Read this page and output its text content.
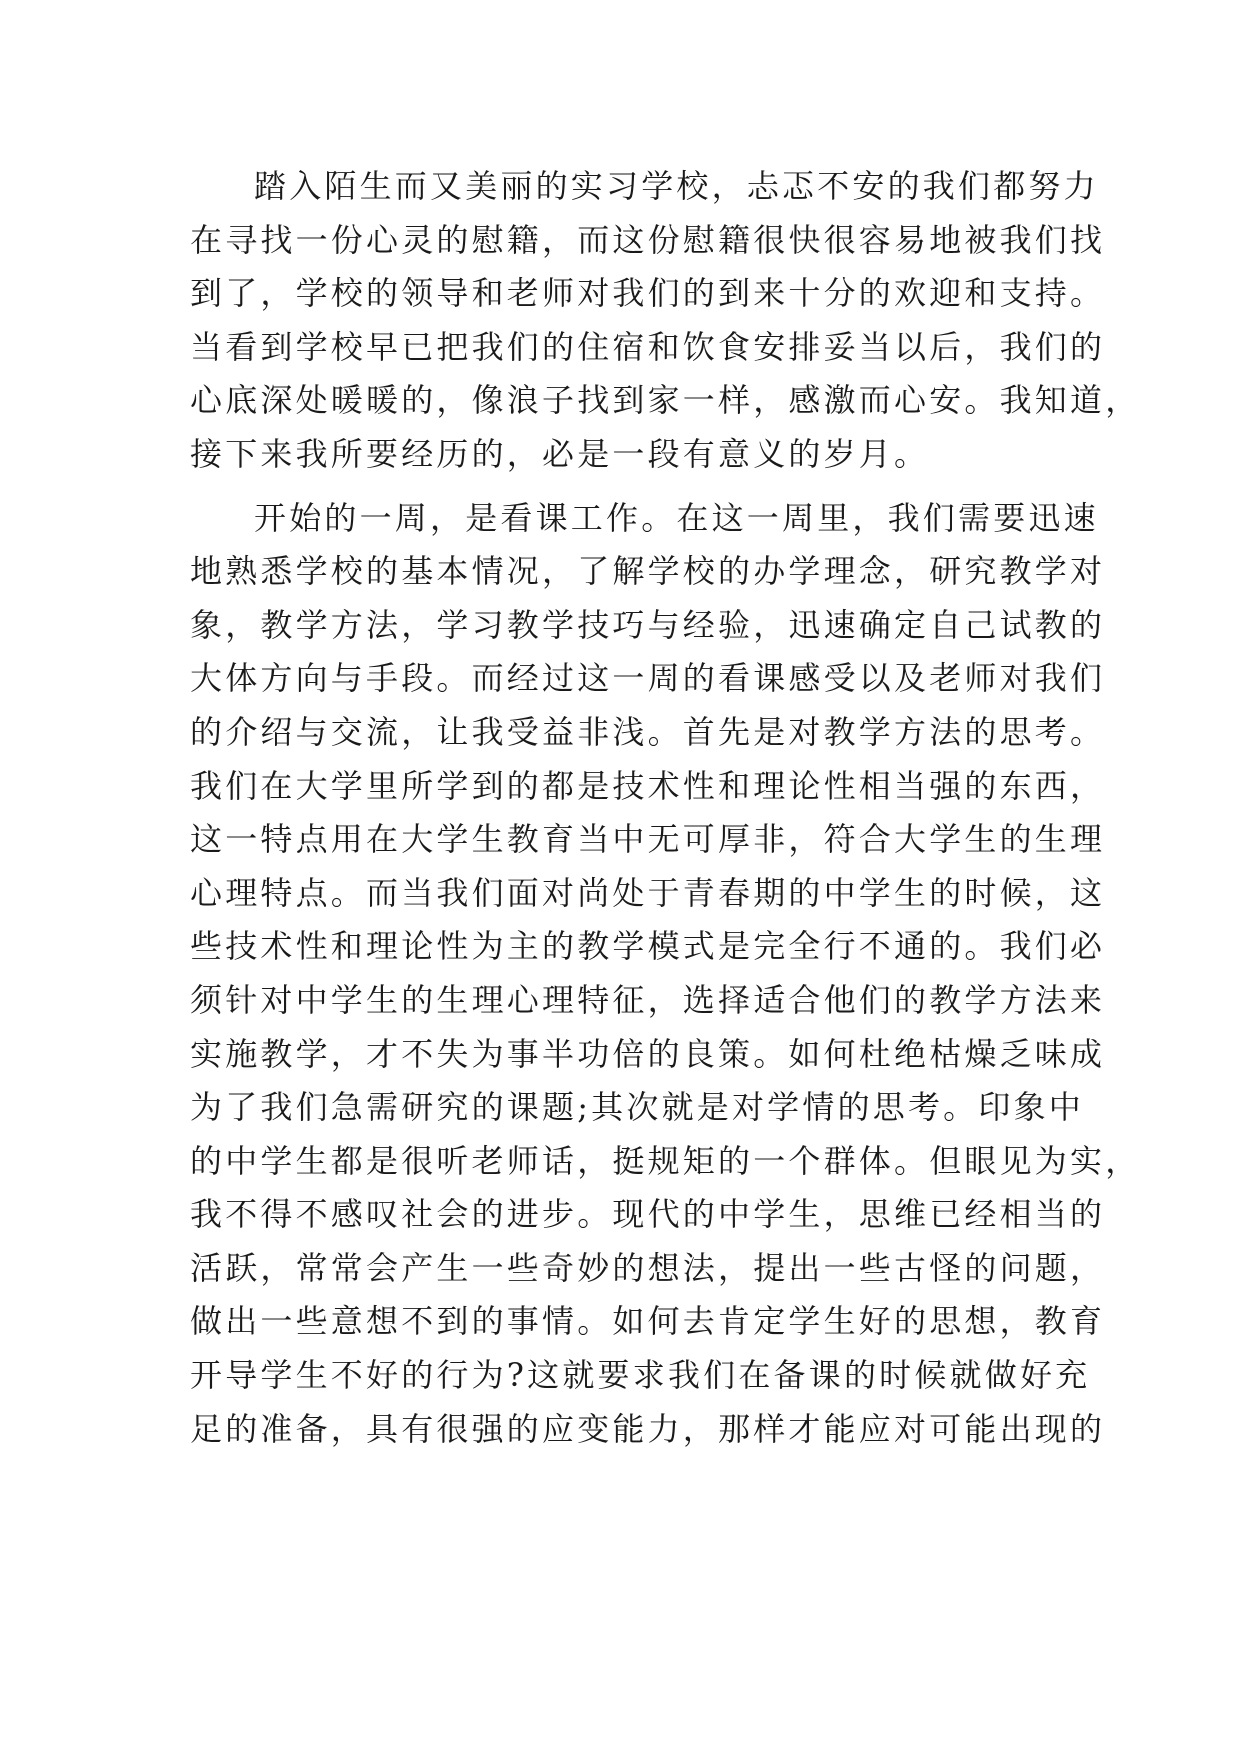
踏入陌生而又美丽的实习学校，忐忑不安的我们都努力
在寻找一份心灵的慰籍，而这份慰籍很快很容易地被我们找
到了，学校的领导和老师对我们的到来十分的欢迎和支持。
当看到学校早已把我们的住宿和饮食安排妥当以后，我们的
心底深处暖暖的，像浪子找到家一样，感激而心安。我知道，
接下来我所要经历的，必是一段有意义的岁月。
开始的一周，是看课工作。在这一周里，我们需要迅速
地熟悉学校的基本情况，了解学校的办学理念，研究教学对
象，教学方法，学习教学技巧与经验，迅速确定自己试教的
大体方向与手段。而经过这一周的看课感受以及老师对我们
的介绍与交流，让我受益非浅。首先是对教学方法的思考。
我们在大学里所学到的都是技术性和理论性相当强的东西，
这一特点用在大学生教育当中无可厚非，符合大学生的生理
心理特点。而当我们面对尚处于青春期的中学生的时候，这
些技术性和理论性为主的教学模式是完全行不通的。我们必
须针对中学生的生理心理特征，选择适合他们的教学方法来
实施教学，才不失为事半功倍的良策。如何杜绝枯燥乏味成
为了我们急需研究的课题;其次就是对学情的思考。印象中
的中学生都是很听老师话，挺规矩的一个群体。但眼见为实，
我不得不感叹社会的进步。现代的中学生，思维已经相当的
活跃，常常会产生一些奇妙的想法，提出一些古怪的问题，
做出一些意想不到的事情。如何去肯定学生好的思想，教育
开导学生不好的行为?这就要求我们在备课的时候就做好充
足的准备，具有很强的应变能力，那样才能应对可能出现的
